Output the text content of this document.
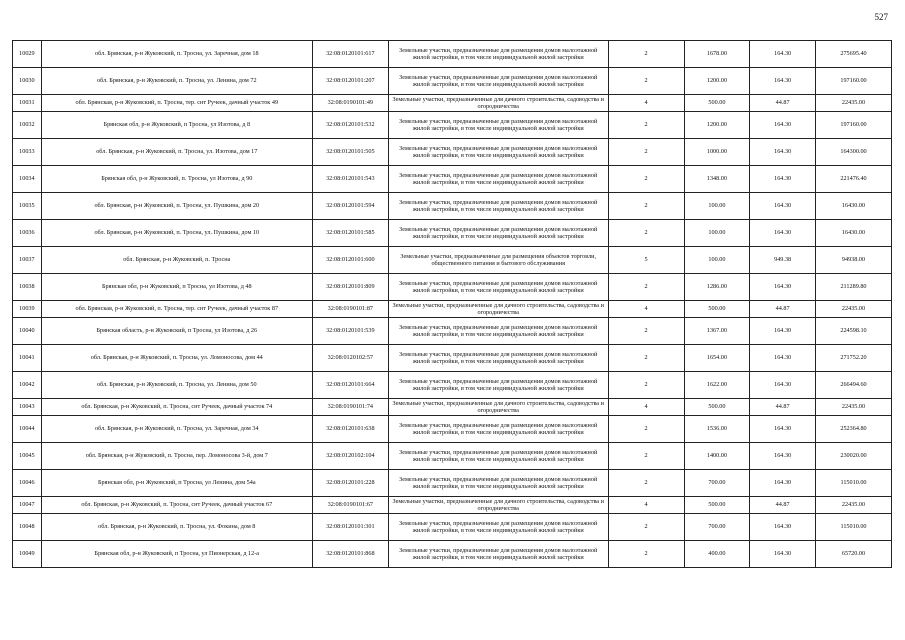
527
10029	обл. Брянская, р-н Жуковский, п. Тросна, ул. Заречная, дом 18	32:08:0120101:617	Земельные участки, предназначенные для размещения домов малоэтажной жилой застройки, в том числе индивидуальной жилой застройки	2	1678.00	164.30	275695.40
10030	обл. Брянская, р-н Жуковский, п. Тросна, ул. Ленина, дом 72	32:08:0120101:207	Земельные участки, предназначенные для размещения домов малоэтажной жилой застройки, в том числе индивидуальной жилой застройки	2	1200.00	164.30	197160.00
10031	обл. Брянская, р-н Жуковский, п. Тросна, тер. снт Ручеек, дачный участок 49	32:08:0190101:49	Земельные участки, предназначенные для дачного строительства, садоводства и огородничества	4	500.00	44.87	22435.00
10032	Брянская обл, р-н Жуковский, п Тросна, ул Изотова, д 8	32:08:0120101:532	Земельные участки, предназначенные для размещения домов малоэтажной жилой застройки, в том числе индивидуальной жилой застройки	2	1200.00	164.30	197160.00
10033	обл. Брянская, р-н Жуковский, п. Тросна, ул. Изотова, дом 17	32:08:0120101:505	Земельные участки, предназначенные для размещения домов малоэтажной жилой застройки, в том числе индивидуальной жилой застройки	2	1000.00	164.30	164300.00
10034	Брянская обл, р-н Жуковский, п. Тросна, ул Изотова, д 90	32:08:0120101:543	Земельные участки, предназначенные для размещения домов малоэтажной жилой застройки, в том числе индивидуальной жилой застройки	2	1348.00	164.30	221476.40
10035	обл. Брянская, р-н Жуковский, п. Тросна, ул. Пушкина, дом 20	32:08:0120101:594	Земельные участки, предназначенные для размещения домов малоэтажной жилой застройки, в том числе индивидуальной жилой застройки	2	100.00	164.30	16430.00
10036	обл. Брянская, р-н Жуковский, п. Тросна, ул. Пушкина, дом 10	32:08:0120101:585	Земельные участки, предназначенные для размещения домов малоэтажной жилой застройки, в том числе индивидуальной жилой застройки	2	100.00	164.30	16430.00
10037	обл. Брянская, р-н Жуковский, п. Тросна	32:08:0120101:600	Земельные участки, предназначенные для размещения объектов торговли, общественного питания и бытового обслуживания	5	100.00	949.38	94938.00
10038	Брянская обл, р-н Жуковский, п Тросна, ул Изотова, д 48	32:08:0120101:809	Земельные участки, предназначенные для размещения домов малоэтажной жилой застройки, в том числе индивидуальной жилой застройки	2	1286.00	164.30	211289.80
10039	обл. Брянская, р-н Жуковский, п. Тросна, тер. снт Ручеек, дачный участок 87	32:08:0190101:87	Земельные участки, предназначенные для дачного строительства, садоводства и огородничества	4	500.00	44.87	22435.00
10040	Брянская область, р-н Жуковский, п Тросна, ул Изотова, д 26	32:08:0120101:539	Земельные участки, предназначенные для размещения домов малоэтажной жилой застройки, в том числе индивидуальной жилой застройки	2	1367.00	164.30	224598.10
10041	обл. Брянская, р-н Жуковский, п. Тросна, ул. Ломоносова, дом 44	32:08:0120102:57	Земельные участки, предназначенные для размещения домов малоэтажной жилой застройки, в том числе индивидуальной жилой застройки	2	1654.00	164.30	271752.20
10042	обл. Брянская, р-н Жуковский, п. Тросна, ул. Ленина, дом 50	32:08:0120101:664	Земельные участки, предназначенные для размещения домов малоэтажной жилой застройки, в том числе индивидуальной жилой застройки	2	1622.00	164.30	266494.60
10043	обл. Брянская, р-н Жуковский, п. Тросна, снт Ручеек, дачный участок 74	32:08:0190101:74	Земельные участки, предназначенные для дачного строительства, садоводства и огородничества	4	500.00	44.87	22435.00
10044	обл. Брянская, р-н Жуковский, п. Тросна, ул. Заречная, дом 34	32:08:0120101:638	Земельные участки, предназначенные для размещения домов малоэтажной жилой застройки, в том числе индивидуальной жилой застройки	2	1536.00	164.30	252364.80
10045	обл. Брянская, р-н Жуковский, п. Тросна, пер. Ломоносова 3-й, дом 7	32:08:0120102:104	Земельные участки, предназначенные для размещения домов малоэтажной жилой застройки, в том числе индивидуальной жилой застройки	2	1400.00	164.30	230020.00
10046	Брянская обл, р-н Жуковский, п Тросна, ул Ленина, дом 54а	32:08:0120101:228	Земельные участки, предназначенные для размещения домов малоэтажной жилой застройки, в том числе индивидуальной жилой застройки	2	700.00	164.30	115010.00
10047	обл. Брянская, р-н Жуковский, п. Тросна, снт Ручеек, дачный участок 67	32:08:0190101:67	Земельные участки, предназначенные для дачного строительства, садоводства и огородничества	4	500.00	44.87	22435.00
10048	обл. Брянская, р-н Жуковский, п. Тросна, ул. Фокина, дом 8	32:08:0120101:301	Земельные участки, предназначенные для размещения домов малоэтажной жилой застройки, в том числе индивидуальной жилой застройки	2	700.00	164.30	115010.00
10049	Брянская обл, р-н Жуковский, п Тросна, ул Пионерская, д 12-а	32:08:0120101:868	Земельные участки, предназначенные для размещения домов малоэтажной жилой застройки, в том числе индивидуальной жилой застройки	2	400.00	164.30	65720.00
